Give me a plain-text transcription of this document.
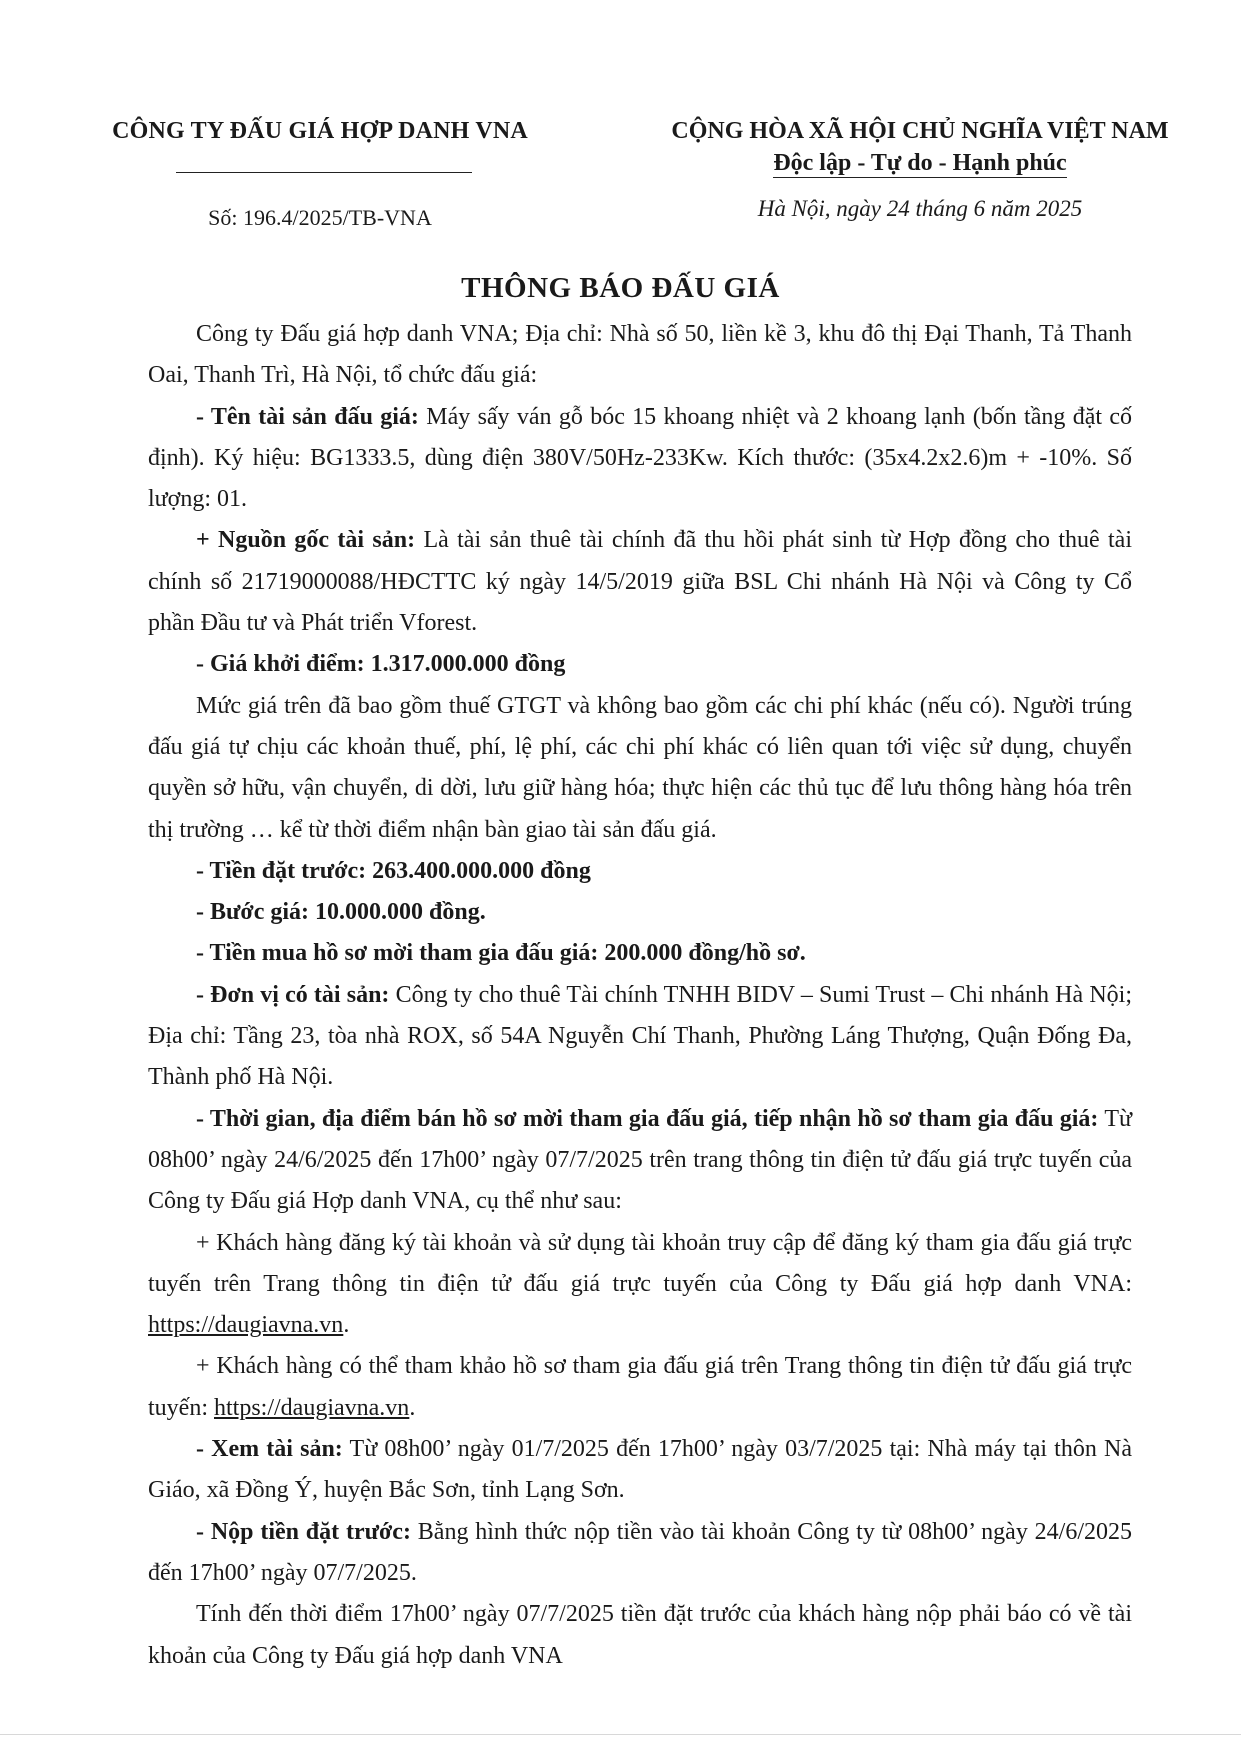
CÔNG TY ĐẤU GIÁ HỢP DANH VNA	CỘNG HÒA XÃ HỘI CHỦ NGHĨA VIỆT NAM
Độc lập - Tự do - Hạnh phúc
Số: 196.4/2025/TB-VNA	Hà Nội, ngày 24 tháng 6 năm 2025
THÔNG BÁO ĐẤU GIÁ

Công ty Đấu giá hợp danh VNA; Địa chỉ: Nhà số 50, liền kề 3, khu đô thị Đại Thanh, Tả Thanh Oai, Thanh Trì, Hà Nội, tổ chức đấu giá:

- Tên tài sản đấu giá: Máy sấy ván gỗ bóc 15 khoang nhiệt và 2 khoang lạnh (bốn tầng đặt cố định). Ký hiệu: BG1333.5, dùng điện 380V/50Hz-233Kw. Kích thước: (35x4.2x2.6)m + -10%. Số lượng: 01.

+ Nguồn gốc tài sản: Là tài sản thuê tài chính đã thu hồi phát sinh từ Hợp đồng cho thuê tài chính số 21719000088/HĐCTTC ký ngày 14/5/2019 giữa BSL Chi nhánh Hà Nội và Công ty Cổ phần Đầu tư và Phát triển Vforest.

- Giá khởi điểm: 1.317.000.000 đồng

Mức giá trên đã bao gồm thuế GTGT và không bao gồm các chi phí khác (nếu có). Người trúng đấu giá tự chịu các khoản thuế, phí, lệ phí, các chi phí khác có liên quan tới việc sử dụng, chuyển quyền sở hữu, vận chuyển, di dời, lưu giữ hàng hóa; thực hiện các thủ tục để lưu thông hàng hóa trên thị trường … kể từ thời điểm nhận bàn giao tài sản đấu giá.

- Tiền đặt trước: 263.400.000.000 đồng

- Bước giá: 10.000.000 đồng.

- Tiền mua hồ sơ mời tham gia đấu giá: 200.000 đồng/hồ sơ.

- Đơn vị có tài sản: Công ty cho thuê Tài chính TNHH BIDV – Sumi Trust – Chi nhánh Hà Nội; Địa chỉ: Tầng 23, tòa nhà ROX, số 54A Nguyễn Chí Thanh, Phường Láng Thượng, Quận Đống Đa, Thành phố Hà Nội.

- Thời gian, địa điểm bán hồ sơ mời tham gia đấu giá, tiếp nhận hồ sơ tham gia đấu giá: Từ 08h00’ ngày 24/6/2025 đến 17h00’ ngày 07/7/2025 trên trang thông tin điện tử đấu giá trực tuyến của Công ty Đấu giá Hợp danh VNA, cụ thể như sau:

+ Khách hàng đăng ký tài khoản và sử dụng tài khoản truy cập để đăng ký tham gia đấu giá trực tuyến trên Trang thông tin điện tử đấu giá trực tuyến của Công ty Đấu giá hợp danh VNA: https://daugiavna.vn.

+ Khách hàng có thể tham khảo hồ sơ tham gia đấu giá trên Trang thông tin điện tử đấu giá trực tuyến: https://daugiavna.vn.

- Xem tài sản: Từ 08h00’ ngày 01/7/2025 đến 17h00’ ngày 03/7/2025 tại: Nhà máy tại thôn Nà Giáo, xã Đồng Ý, huyện Bắc Sơn, tỉnh Lạng Sơn.

- Nộp tiền đặt trước: Bằng hình thức nộp tiền vào tài khoản Công ty từ 08h00’ ngày 24/6/2025 đến 17h00’ ngày 07/7/2025.

Tính đến thời điểm 17h00’ ngày 07/7/2025 tiền đặt trước của khách hàng nộp phải báo có về tài khoản của Công ty Đấu giá hợp danh VNA
